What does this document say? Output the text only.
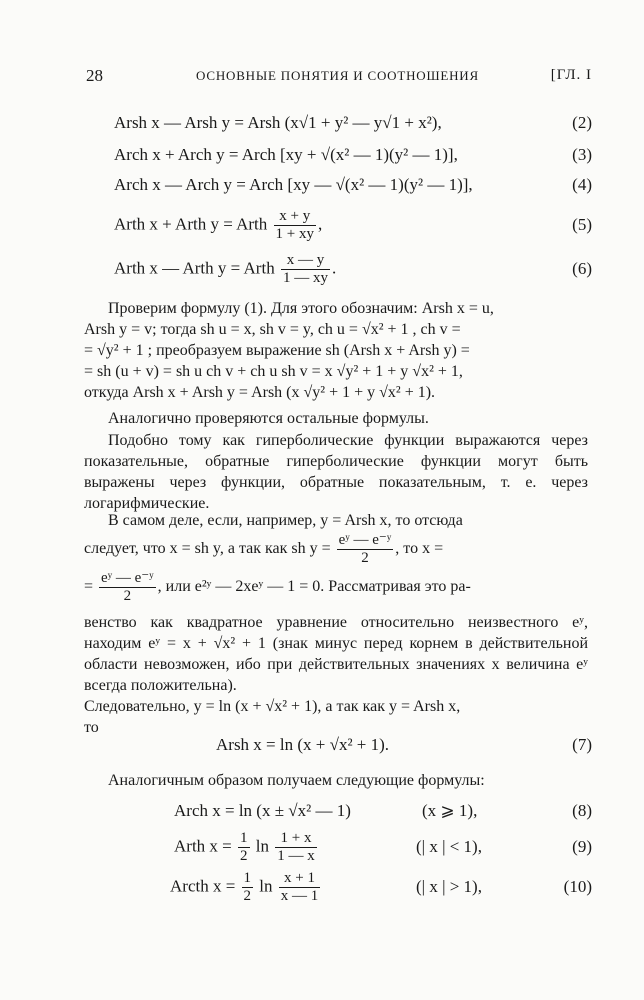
28	ОСНОВНЫЕ ПОНЯТИЯ И СООТНОШЕНИЯ	[ГЛ. I
Arsh x — Arsh y = Arsh (x√1 + y² — y√1 + x²),	(2)
Arch x + Arch y = Arch [xy + √(x² — 1)(y² — 1)],	(3)
Arch x — Arch y = Arch [xy — √(x² — 1)(y² — 1)],	(4)
Arth x + Arth y = Arth $\frac{x + y}{1 + xy}$ ,	(5)
Arth x — Arth y = Arth $\frac{x — y}{1 — xy}$ .	(6)

Проверим формулу (1). Для этого обозначим: Arsh x = u,
Arsh y = v; тогда sh u = x, sh v = y, ch u = √x² + 1 , ch v =
= √y² + 1 ; преобразуем выражение sh (Arsh x + Arsh y) =
= sh (u + v) = sh u ch v + ch u sh v = x √y² + 1 + y √x² + 1,
откуда Arsh x + Arsh y = Arsh (x √y² + 1 + y √x² + 1).

Аналогично проверяются остальные формулы.

Подобно тому как гиперболические функции выражаются через показательные, обратные гиперболические функции могут быть выражены через функции, обратные показательным, т. е. через логарифмические.

В самом деле, если, например, y = Arsh x, то отсюда

следует, что x = sh y, а так как sh $y = \frac{\text{eʸ — e⁻ʸ}}{2}$ , то x =
= $\frac{\text{eʸ — e⁻ʸ}}{2}$ , или e²ʸ — 2xeʸ — 1 = 0. Рассматривая это ра-

венство как квадратное уравнение относительно неизвестного eʸ, находим eʸ = x + √x² + 1 (знак минус перед корнем в действительной области невозможен, ибо при действительных значениях x величина eʸ всегда положительна).
Следовательно, y = ln (x + √x² + 1), а так как y = Arsh x,
то

Arsh x = ln (x + √x² + 1).	(7)

Аналогичным образом получаем следующие формулы:

Arch x = ln (x ± √x² — 1)	(x ⩾ 1),	(8)
Arth $x = \frac{1}{2}$ $\ln \frac{1 + x}{1 — x}$	(| x | < 1),	(9)
Arcth $x = \frac{1}{2}$ $\ln \frac{x + 1}{x — 1}$	(| x | > 1),	(10)
